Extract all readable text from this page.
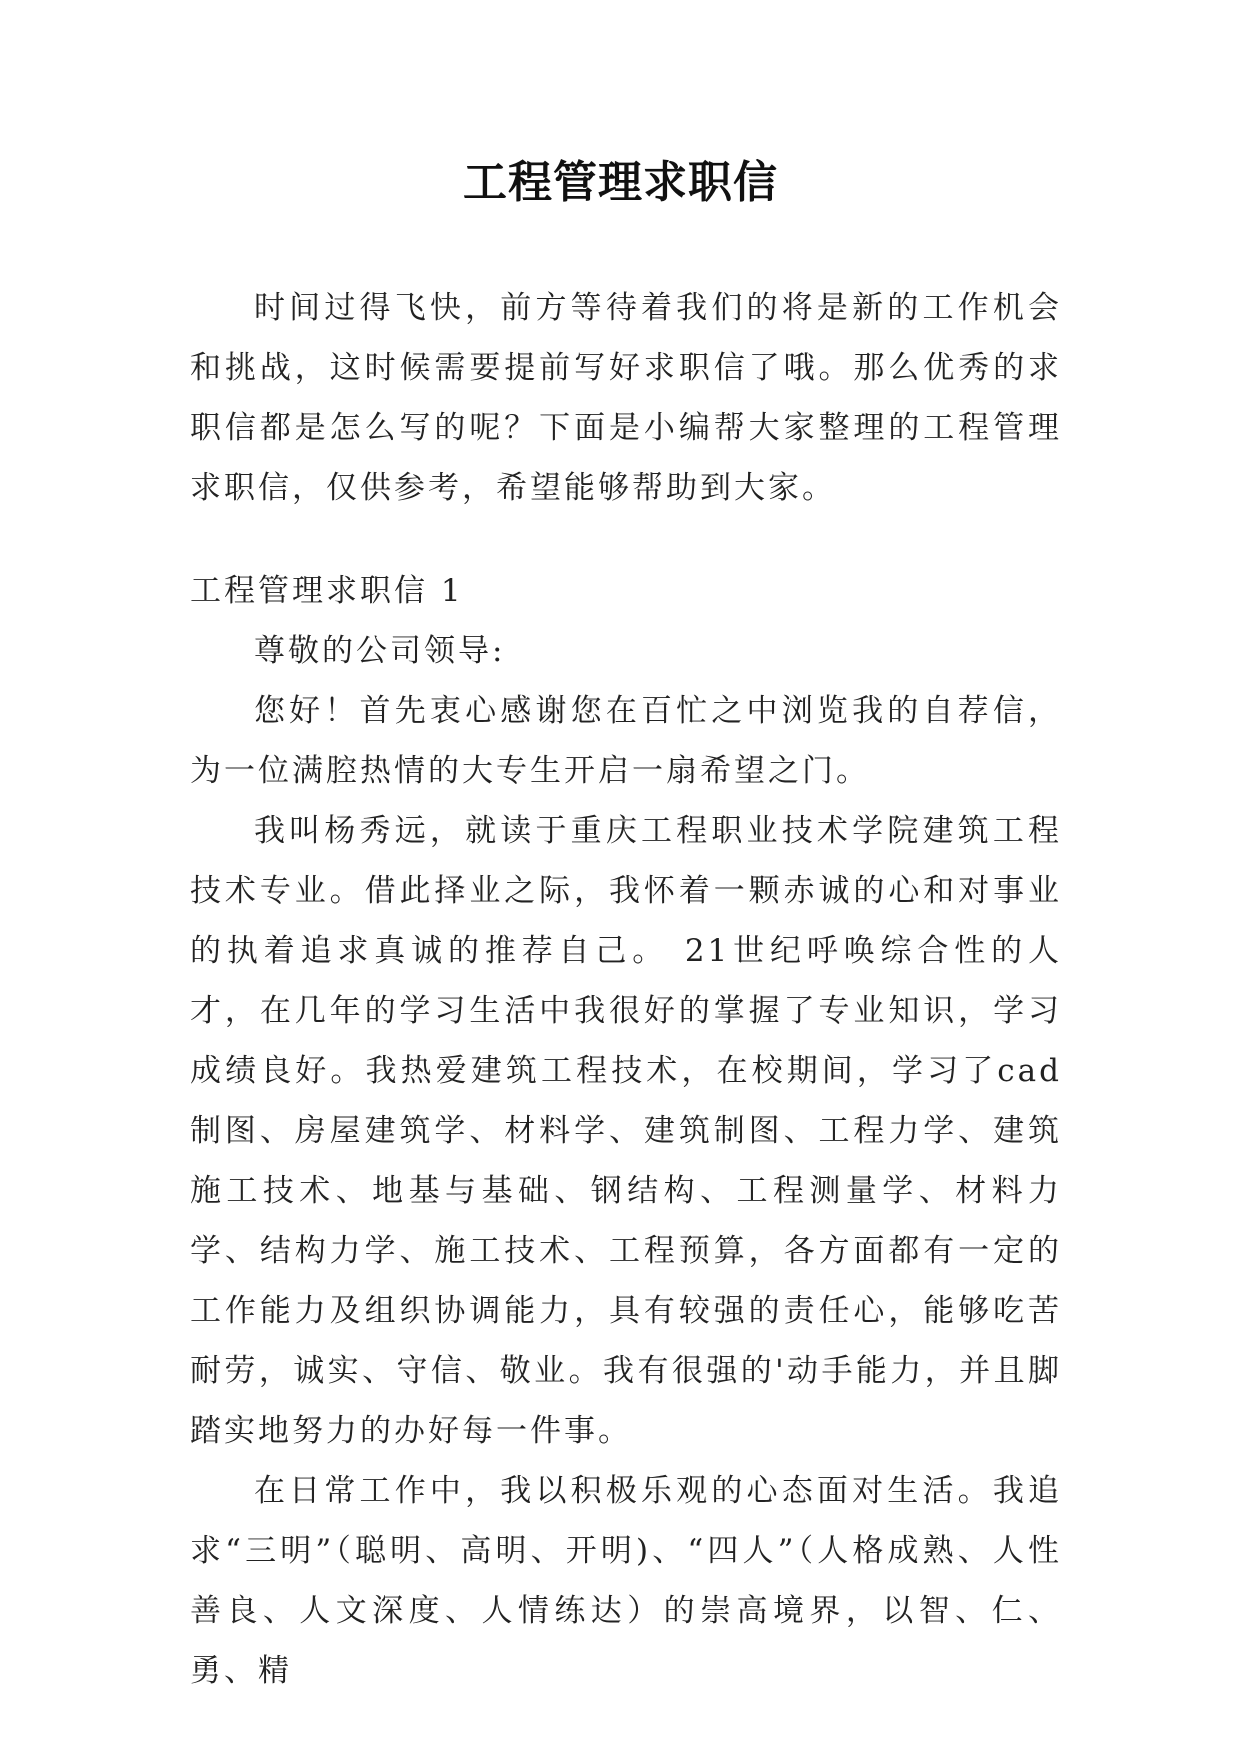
工程管理求职信

时间过得飞快，前方等待着我们的将是新的工作机会和挑战，这时候需要提前写好求职信了哦。那么优秀的求职信都是怎么写的呢？下面是小编帮大家整理的工程管理求职信，仅供参考，希望能够帮助到大家。

工程管理求职信 1

尊敬的公司领导:

您好！首先衷心感谢您在百忙之中浏览我的自荐信，为一位满腔热情的大专生开启一扇希望之门。

我叫杨秀远，就读于重庆工程职业技术学院建筑工程技术专业。借此择业之际，我怀着一颗赤诚的心和对事业的执着追求真诚的推荐自己。 21世纪呼唤综合性的人才，在几年的学习生活中我很好的掌握了专业知识，学习成绩良好。我热爱建筑工程技术，在校期间，学习了cad制图、房屋建筑学、材料学、建筑制图、工程力学、建筑施工技术、地基与基础、钢结构、工程测量学、材料力学、结构力学、施工技术、工程预算，各方面都有一定的工作能力及组织协调能力，具有较强的责任心，能够吃苦耐劳，诚实、守信、敬业。我有很强的'动手能力，并且脚踏实地努力的办好每一件事。

在日常工作中，我以积极乐观的心态面对生活。我追求“三明”（聪明、高明、开明)、“四人”（人格成熟、人性善良、人文深度、人情练达）的崇高境界，以智、仁、勇、精
